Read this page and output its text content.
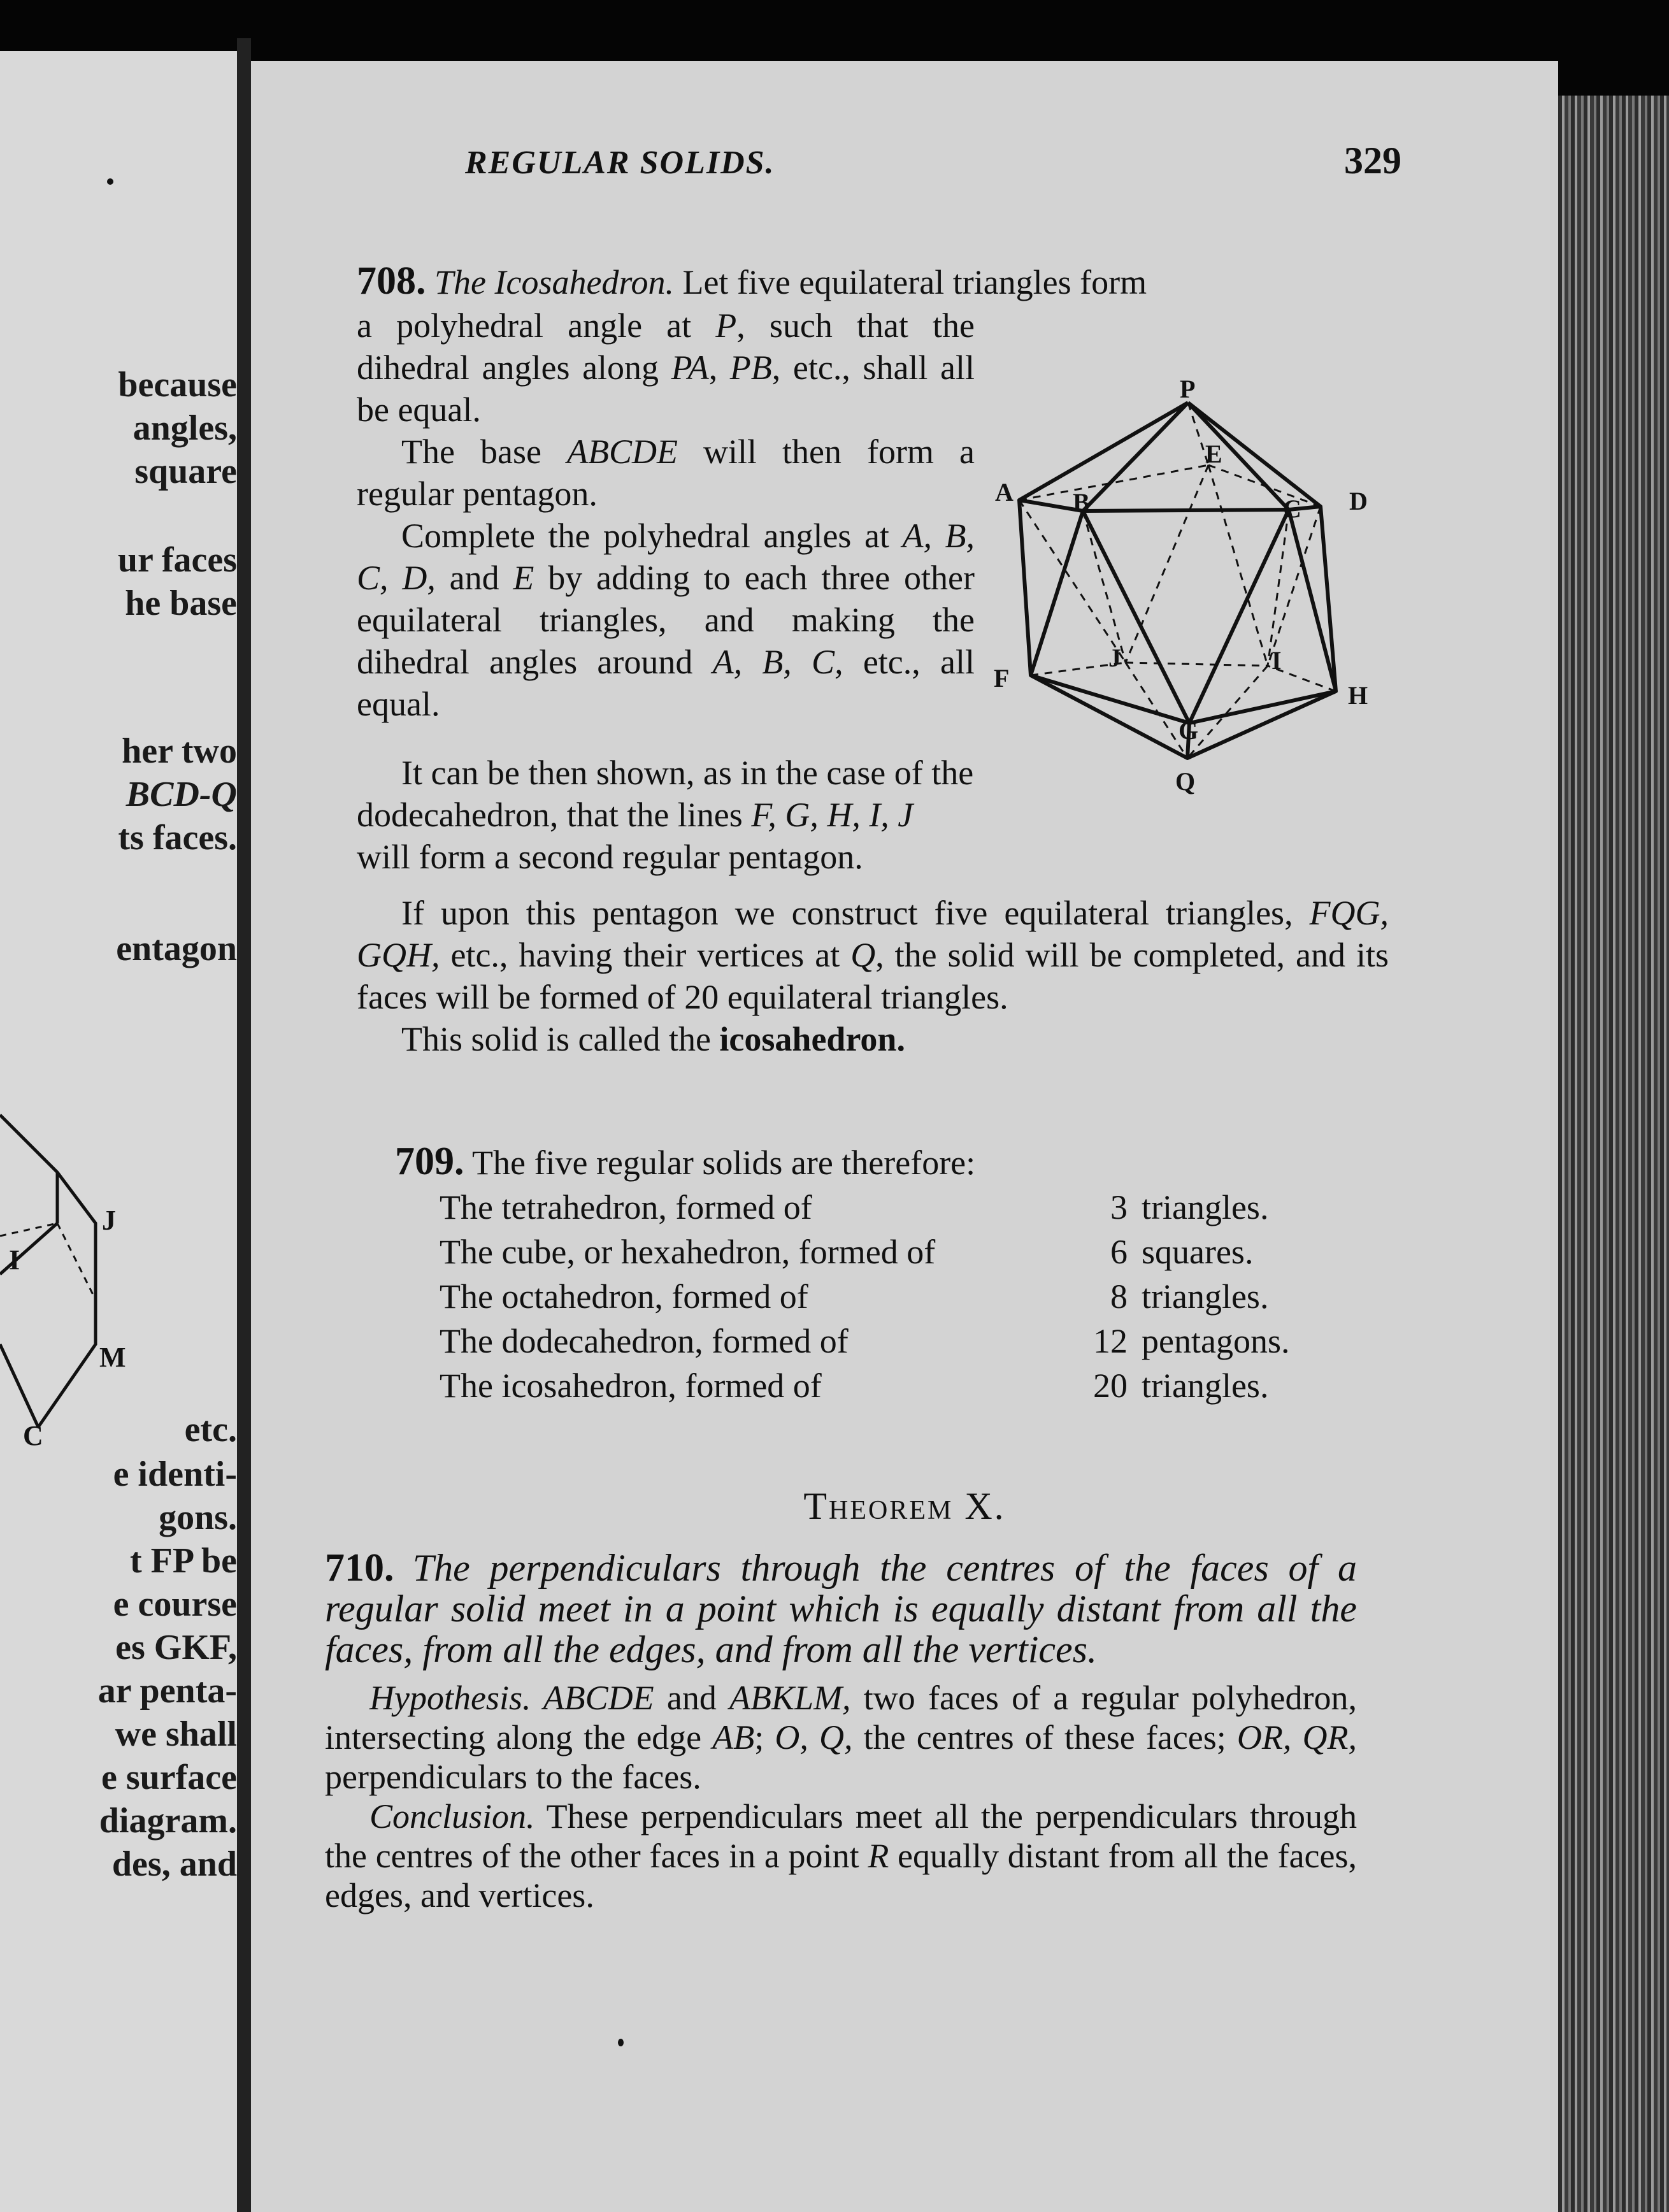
because
angles,
square
ur faces
he base
her two
BCD-Q
ts faces.
entagon
etc.
e identi-
gons.
t FP be
e course
es GKF,
ar penta-
we shall
e surface
diagram.
des, and
J
I
M
C
REGULAR SOLIDS.	329

708. The Icosahedron. Let five equilateral triangles form

a polyhedral angle at P, such that the dihedral angles along PA, PB, etc., shall all be equal.

The base ABCDE will then form a regular pentagon.

Complete the polyhedral angles at A, B, C, D, and E by adding to each three other equilateral triangles, and making the dihedral angles around A, B, C, etc., all equal.

It can be then shown, as in the case of the dodecahedron, that the lines F, G, H, I, J will form a second regular pentagon.

If upon this pentagon we construct five equilateral triangles, FQG, GQH, etc., having their vertices at Q, the solid will be completed, and its faces will be formed of 20 equilateral triangles.

This solid is called the icosahedron.

P
E
A B	C D
J	I
F
H
G
Q

709. The five regular solids are therefore:

The tetrahedron, formed of	3 triangles.
The cube, or hexahedron, formed of	6 squares.
The octahedron, formed of	8 triangles.
The dodecahedron, formed of	12 pentagons.
The icosahedron, formed of	20 triangles.
Theorem X.

710. The perpendiculars through the centres of the faces of a regular solid meet in a point which is equally distant from all the faces, from all the edges, and from all the vertices.

Hypothesis. ABCDE and ABKLM, two faces of a regular polyhedron, intersecting along the edge AB; O, Q, the centres of these faces; OR, QR, perpendiculars to the faces.

Conclusion. These perpendiculars meet all the perpendiculars through the centres of the other faces in a point R equally distant from all the faces, edges, and vertices.
